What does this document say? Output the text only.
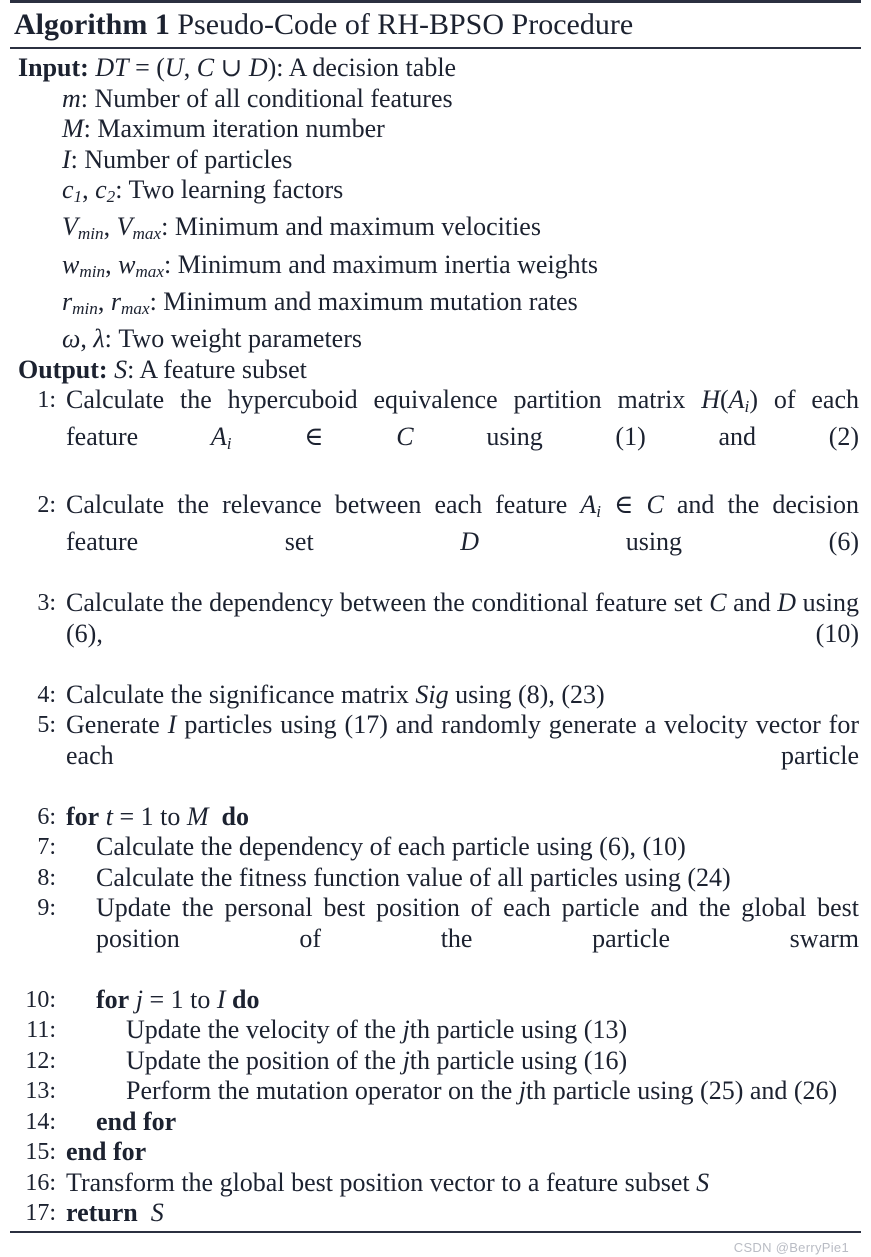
Algorithm 1 Pseudo-Code of RH-BPSO Procedure
Input: DT = (U, C ∪ D): A decision table
m: Number of all conditional features
M: Maximum iteration number
I: Number of particles
$c_1$, $c_2$: Two learning factors
$V_{min}$, $V_{max}$: Minimum and maximum velocities
$w_{min}$, $w_{max}$: Minimum and maximum inertia weights
$r_{min}$, $r_{max}$: Minimum and maximum mutation rates
ω, λ: Two weight parameters
Output: S: A feature subset
1: Calculate the hypercuboid equivalence partition matrix $H(A_i)$ of each feature $A_i$	∈	C using (1) and (2)
2: Calculate the relevance between each feature $A_i$ ∈ C and the decision feature set D using (6)
3: Calculate the dependency between the conditional feature set C and D using (6), (10)
4: Calculate the significance matrix Sig using (8), (23)
5: Generate I particles using (17) and randomly generate a velocity vector for each particle
6: for t = 1 to M do
7:	Calculate the dependency of each particle using (6), (10)
8:	Calculate the fitness function value of all particles using (24)
9:	Update the personal best position of each particle and the global best position of the particle swarm
10:	for j = 1 to I do
11:	Update the velocity of the jth particle using (13)
12:	Update the position of the jth particle using (16)
13:	Perform the mutation operator on the jth particle using (25) and (26)
14:	end for
15: end for
16: Transform the global best position vector to a feature subset S
17: return S
CSDN @BerryPie1
